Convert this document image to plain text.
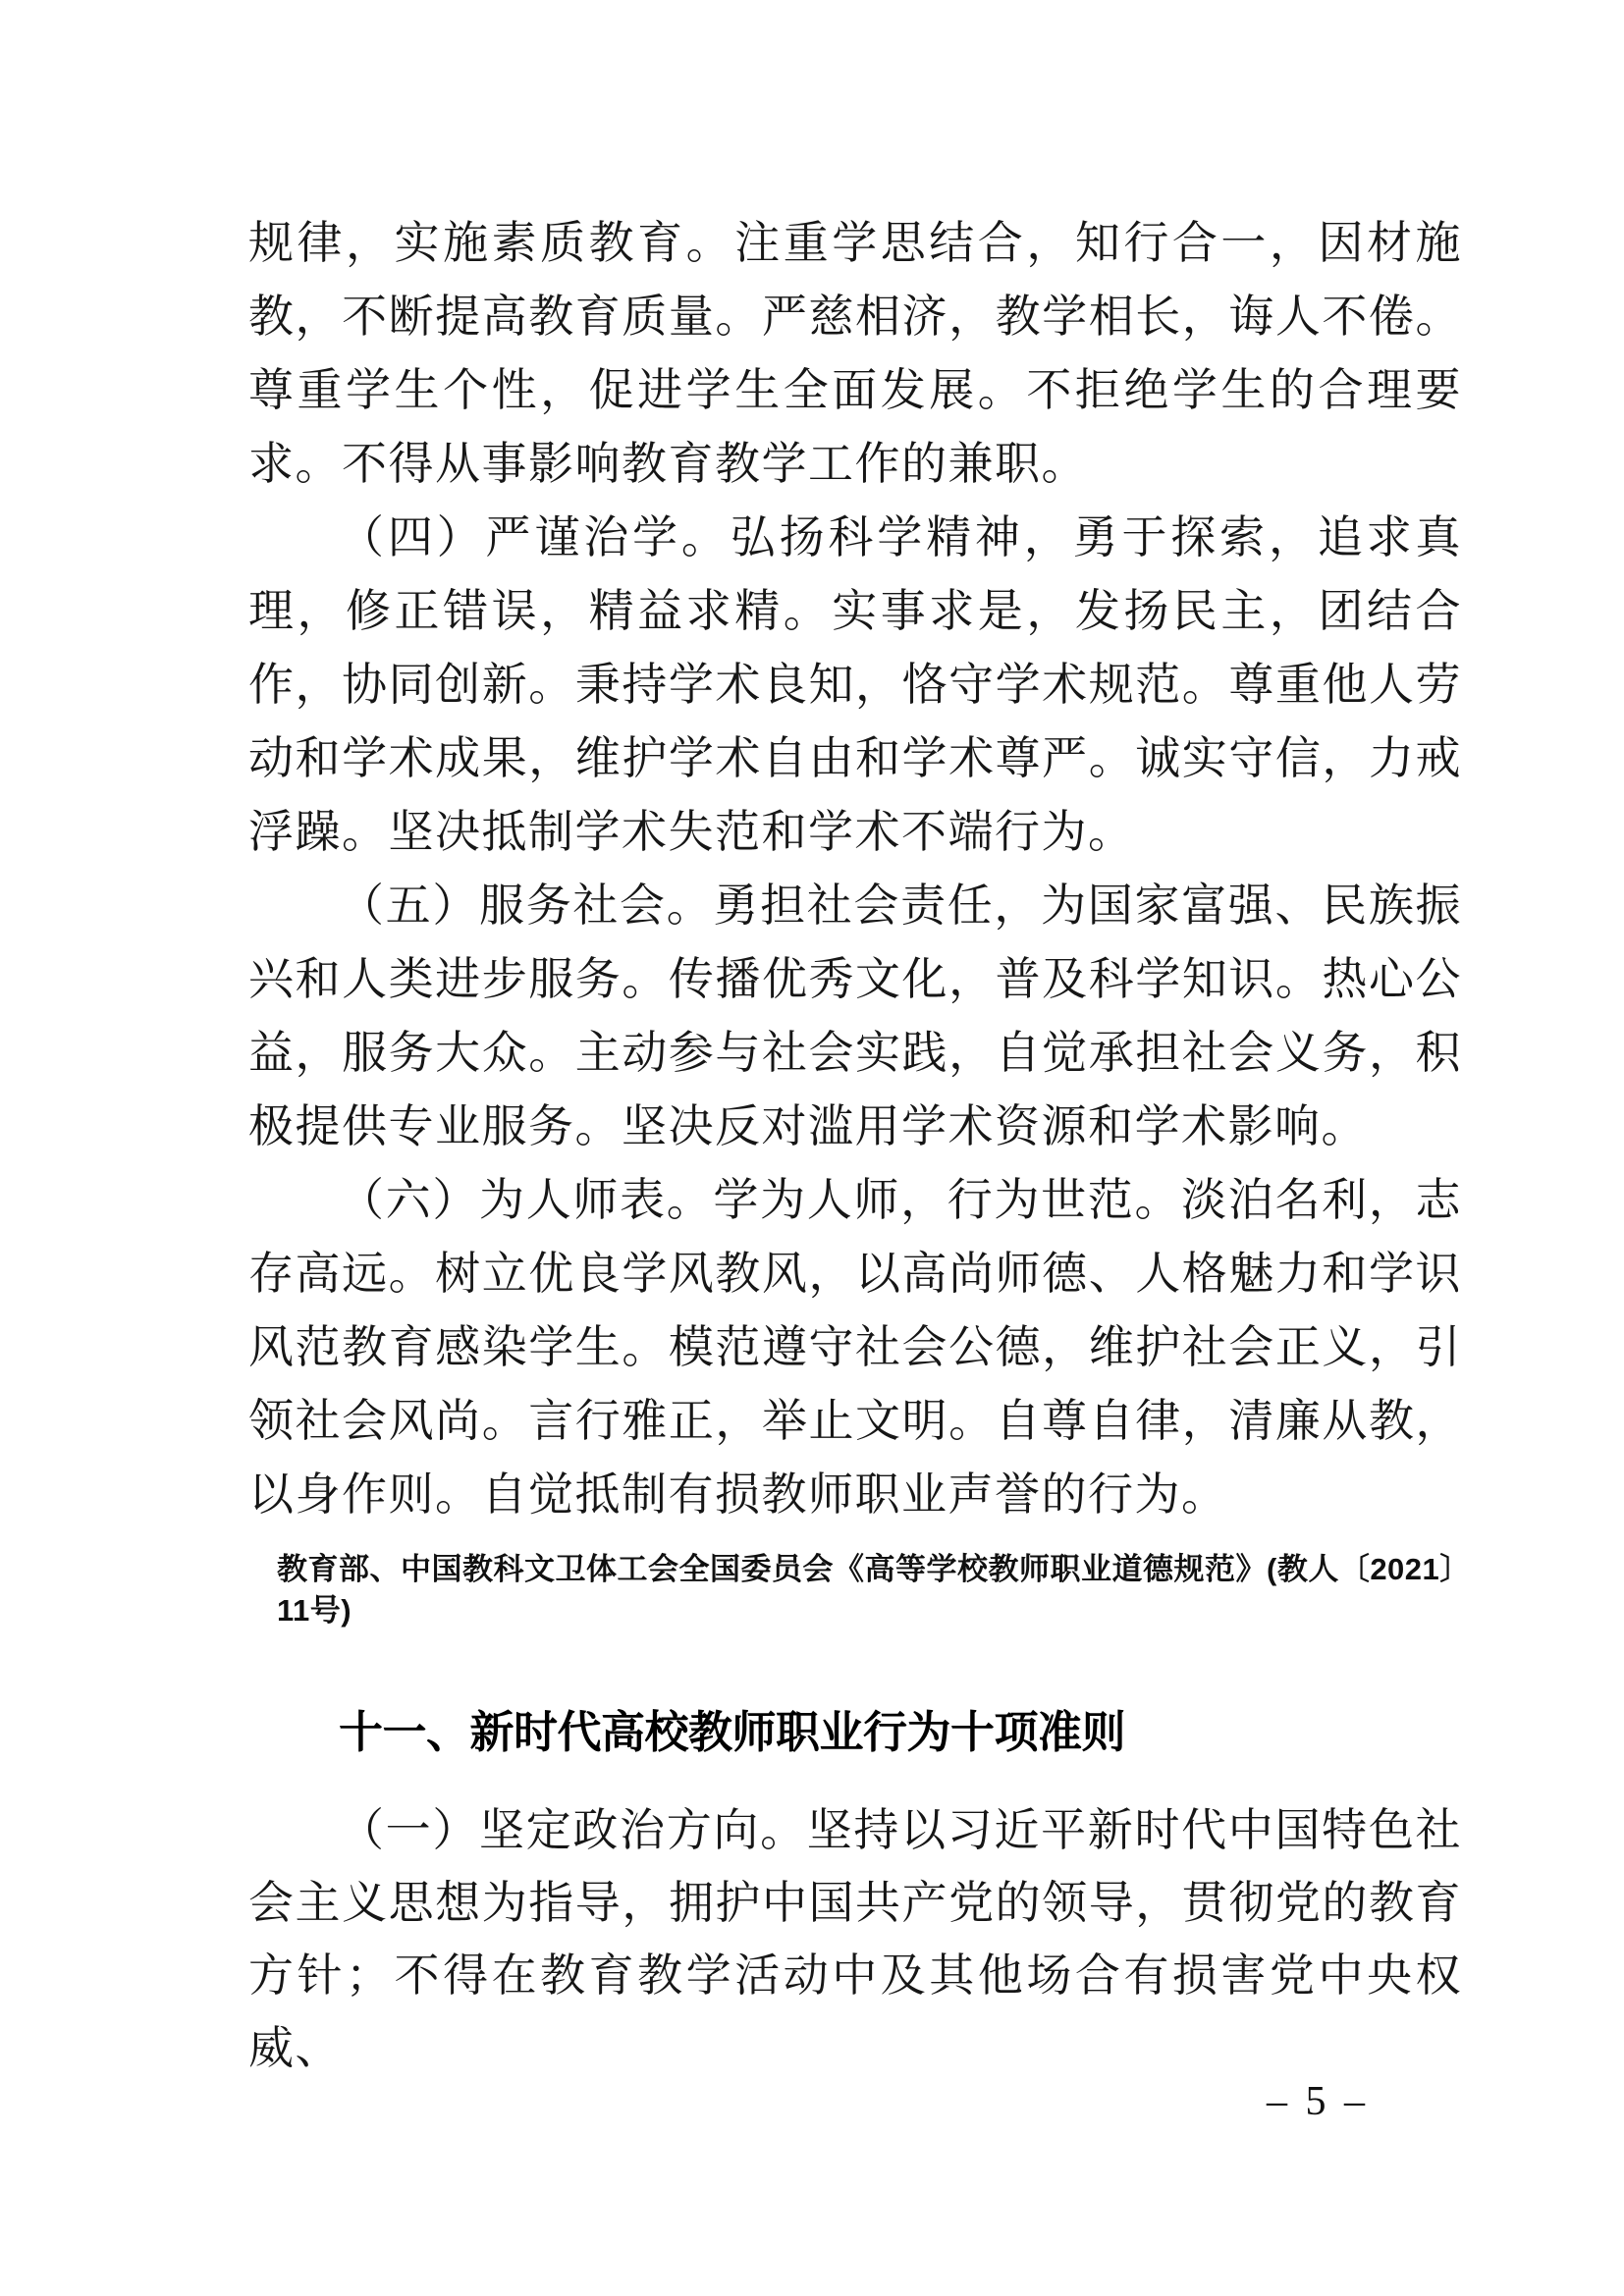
规律，实施素质教育。注重学思结合，知行合一，因材施教，不断提高教育质量。严慈相济，教学相长，诲人不倦。尊重学生个性，促进学生全面发展。不拒绝学生的合理要求。不得从事影响教育教学工作的兼职。

（四）严谨治学。弘扬科学精神，勇于探索，追求真理，修正错误，精益求精。实事求是，发扬民主，团结合作，协同创新。秉持学术良知，恪守学术规范。尊重他人劳动和学术成果，维护学术自由和学术尊严。诚实守信，力戒浮躁。坚决抵制学术失范和学术不端行为。

（五）服务社会。勇担社会责任，为国家富强、民族振兴和人类进步服务。传播优秀文化，普及科学知识。热心公益，服务大众。主动参与社会实践，自觉承担社会义务，积极提供专业服务。坚决反对滥用学术资源和学术影响。

（六）为人师表。学为人师，行为世范。淡泊名利，志存高远。树立优良学风教风，以高尚师德、人格魅力和学识风范教育感染学生。模范遵守社会公德，维护社会正义，引领社会风尚。言行雅正，举止文明。自尊自律，清廉从教，以身作则。自觉抵制有损教师职业声誉的行为。

教育部、中国教科文卫体工会全国委员会《高等学校教师职业道德规范》(教人〔2021〕11号)
十一、新时代高校教师职业行为十项准则
（一）坚定政治方向。坚持以习近平新时代中国特色社会主义思想为指导，拥护中国共产党的领导，贯彻党的教育方针；不得在教育教学活动中及其他场合有损害党中央权威、
– 5 –
